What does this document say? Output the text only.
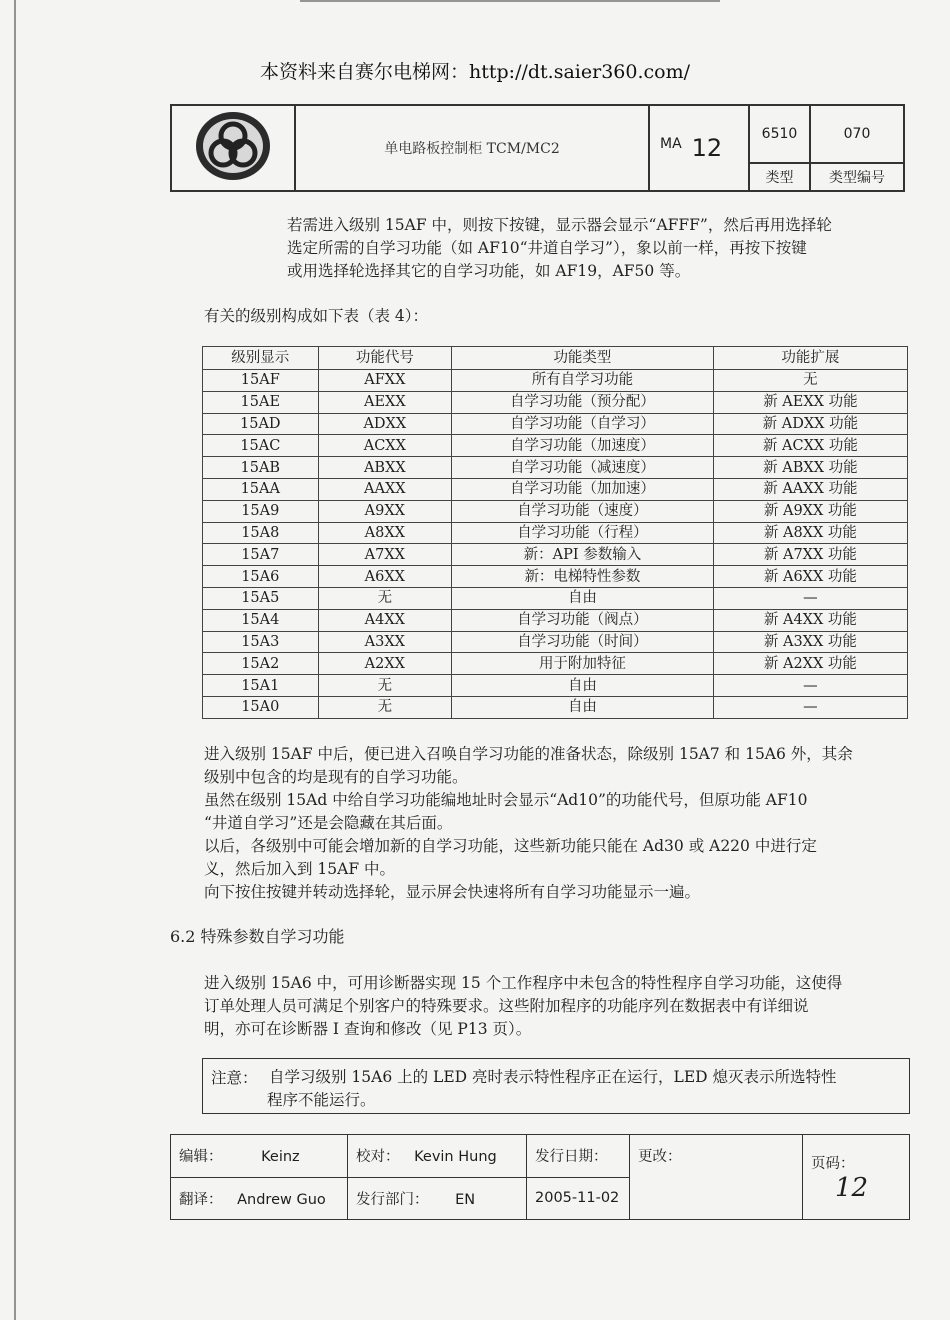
本资料来自赛尔电梯网：http://dt.saier360.com/
	单电路板控制柜 TCM/MC2	MA 12	6510	070
			类型	类型编号
若需进入级别 15AF 中，则按下按键，显示器会显示“AFFF”，然后再用选择轮
选定所需的自学习功能（如 AF10“井道自学习”），象以前一样，再按下按键
或用选择轮选择其它的自学习功能，如 AF19，AF50 等。
有关的级别构成如下表（表 4）：
级别显示	功能代号	功能类型	功能扩展
15AF	AFXX	所有自学习功能	无
15AE	AEXX	自学习功能（预分配）	新 AEXX 功能
15AD	ADXX	自学习功能（自学习）	新 ADXX 功能
15AC	ACXX	自学习功能（加速度）	新 ACXX 功能
15AB	ABXX	自学习功能（减速度）	新 ABXX 功能
15AA	AAXX	自学习功能（加加速）	新 AAXX 功能
15A9	A9XX	自学习功能（速度）	新 A9XX 功能
15A8	A8XX	自学习功能（行程）	新 A8XX 功能
15A7	A7XX	新：API 参数输入	新 A7XX 功能
15A6	A6XX	新：电梯特性参数	新 A6XX 功能
15A5	无	自由	—
15A4	A4XX	自学习功能（阀点）	新 A4XX 功能
15A3	A3XX	自学习功能（时间）	新 A3XX 功能
15A2	A2XX	用于附加特征	新 A2XX 功能
15A1	无	自由	—
15A0	无	自由	—
进入级别 15AF 中后，便已进入召唤自学习功能的准备状态，除级别 15A7 和 15A6 外，其余
级别中包含的均是现有的自学习功能。
虽然在级别 15Ad 中给自学习功能编地址时会显示“Ad10”的功能代号，但原功能 AF10
“井道自学习”还是会隐藏在其后面。
以后，各级别中可能会增加新的自学习功能，这些新功能只能在 Ad30 或 A220 中进行定
义，然后加入到 15AF 中。
向下按住按键并转动选择轮，显示屏会快速将所有自学习功能显示一遍。
6.2 特殊参数自学习功能
进入级别 15A6 中，可用诊断器实现 15 个工作程序中未包含的特性程序自学习功能，这使得
订单处理人员可满足个别客户的特殊要求。这些附加程序的功能序列在数据表中有详细说
明，亦可在诊断器 I 查询和修改（见 P13 页）。
注意： 自学习级别 15A6 上的 LED 亮时表示特性程序正在运行，LED 熄灭表示所选特性
程序不能运行。
编辑： Keinz	校对： Kevin Hung	发行日期：	更改：	页码： 12
翻译： Andrew Guo	发行部门： EN	2005-11-02		
